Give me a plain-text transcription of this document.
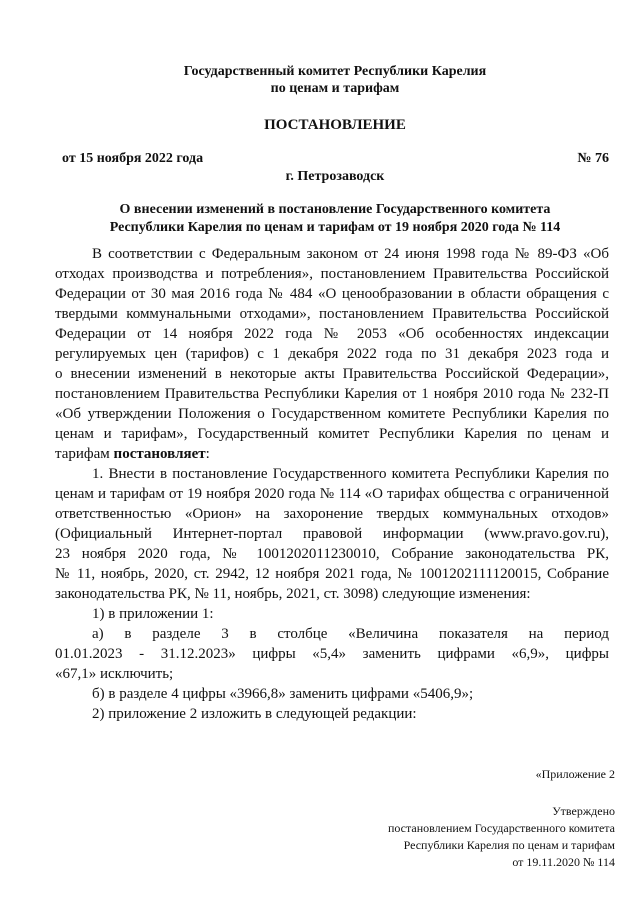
Государственный комитет Республики Карелия

по ценам и тарифам

ПОСТАНОВЛЕНИЕ

от 15 ноября 2022 года	№ 76

г. Петрозаводск

О внесении изменений в постановление Государственного комитета

Республики Карелия по ценам и тарифам от 19 ноября 2020 года № 114

В соответствии с Федеральным законом от 24 июня 1998 года № 89-ФЗ «Об

отходах производства и потребления», постановлением Правительства Российской

Федерации от 30 мая 2016 года № 484 «О ценообразовании в области обращения с

твердыми коммунальными отходами», постановлением Правительства Российской

Федерации от 14 ноября 2022 года № 2053 «Об особенностях индексации

регулируемых цен (тарифов) с 1 декабря 2022 года по 31 декабря 2023 года и

о внесении изменений в некоторые акты Правительства Российской Федерации»,

постановлением Правительства Республики Карелия от 1 ноября 2010 года № 232-П

«Об утверждении Положения о Государственном комитете Республики Карелия по

ценам и тарифам», Государственный комитет Республики Карелия по ценам и

тарифам постановляет:

1. Внести в постановление Государственного комитета Республики Карелия по

ценам и тарифам от 19 ноября 2020 года № 114 «О тарифах общества с ограниченной

ответственностью «Орион» на захоронение твердых коммунальных отходов»

(Официальный Интернет-портал правовой информации (www.pravo.gov.ru),

23 ноября 2020 года, № 1001202011230010, Собрание законодательства РК,

№ 11, ноябрь, 2020, ст. 2942, 12 ноября 2021 года, № 1001202111120015, Собрание

законодательства РК, № 11, ноябрь, 2021, ст. 3098) следующие изменения:

1) в приложении 1:

а) в разделе 3 в столбце «Величина показателя на период

01.01.2023 - 31.12.2023» цифры «5,4» заменить цифрами «6,9», цифры

«67,1» исключить;

б) в разделе 4 цифры «3966,8» заменить цифрами «5406,9»;

2) приложение 2 изложить в следующей редакции:

«Приложение 2

Утверждено

постановлением Государственного комитета

Республики Карелия по ценам и тарифам

от 19.11.2020 № 114
